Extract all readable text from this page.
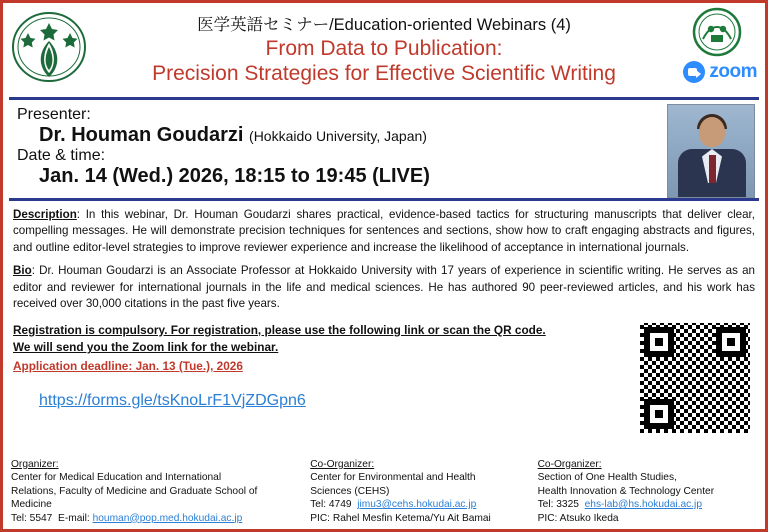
zoom
医学英語セミナー/Education-oriented Webinars (4)
From Data to Publication:
Precision Strategies for Effective Scientific Writing
Presenter:
Dr. Houman Goudarzi (Hokkaido University, Japan)
Date & time:
Jan. 14 (Wed.) 2026, 18:15 to 19:45 (LIVE)

Description: In this webinar, Dr. Houman Goudarzi shares practical, evidence-based tactics for structuring manuscripts that deliver clear, compelling messages. He will demonstrate precision techniques for sentences and sections, show how to craft engaging abstracts and figures, and outline editor-level strategies to improve reviewer experience and increase the likelihood of acceptance in international journals.

Bio: Dr. Houman Goudarzi is an Associate Professor at Hokkaido University with 17 years of experience in scientific writing. He serves as an editor and reviewer for international journals in the life and medical sciences. He has authored 90 peer-reviewed articles, and his work has received over 30,000 citations in the past five years.

Registration is compulsory. For registration, please use the following link or scan the QR code.
We will send you the Zoom link for the webinar.
Application deadline: Jan. 13 (Tue.), 2026
https://forms.gle/tsKnoLrF1VjZDGpn6
Organizer:
Center for Medical Education and International
Relations, Faculty of Medicine and Graduate School of
Medicine
Tel: 5547 E-mail: houman@pop.med.hokudai.ac.jp
Co-Organizer:
Center for Environmental and Health
Sciences (CEHS)
Tel: 4749 jimu3@cehs.hokudai.ac.jp
PIC: Rahel Mesfin Ketema/Yu Ait Bamai
Co-Organizer:
Section of One Health Studies,
Health Innovation & Technology Center
Tel: 3325 ehs-lab@hs.hokudai.ac.jp
PIC: Atsuko Ikeda
